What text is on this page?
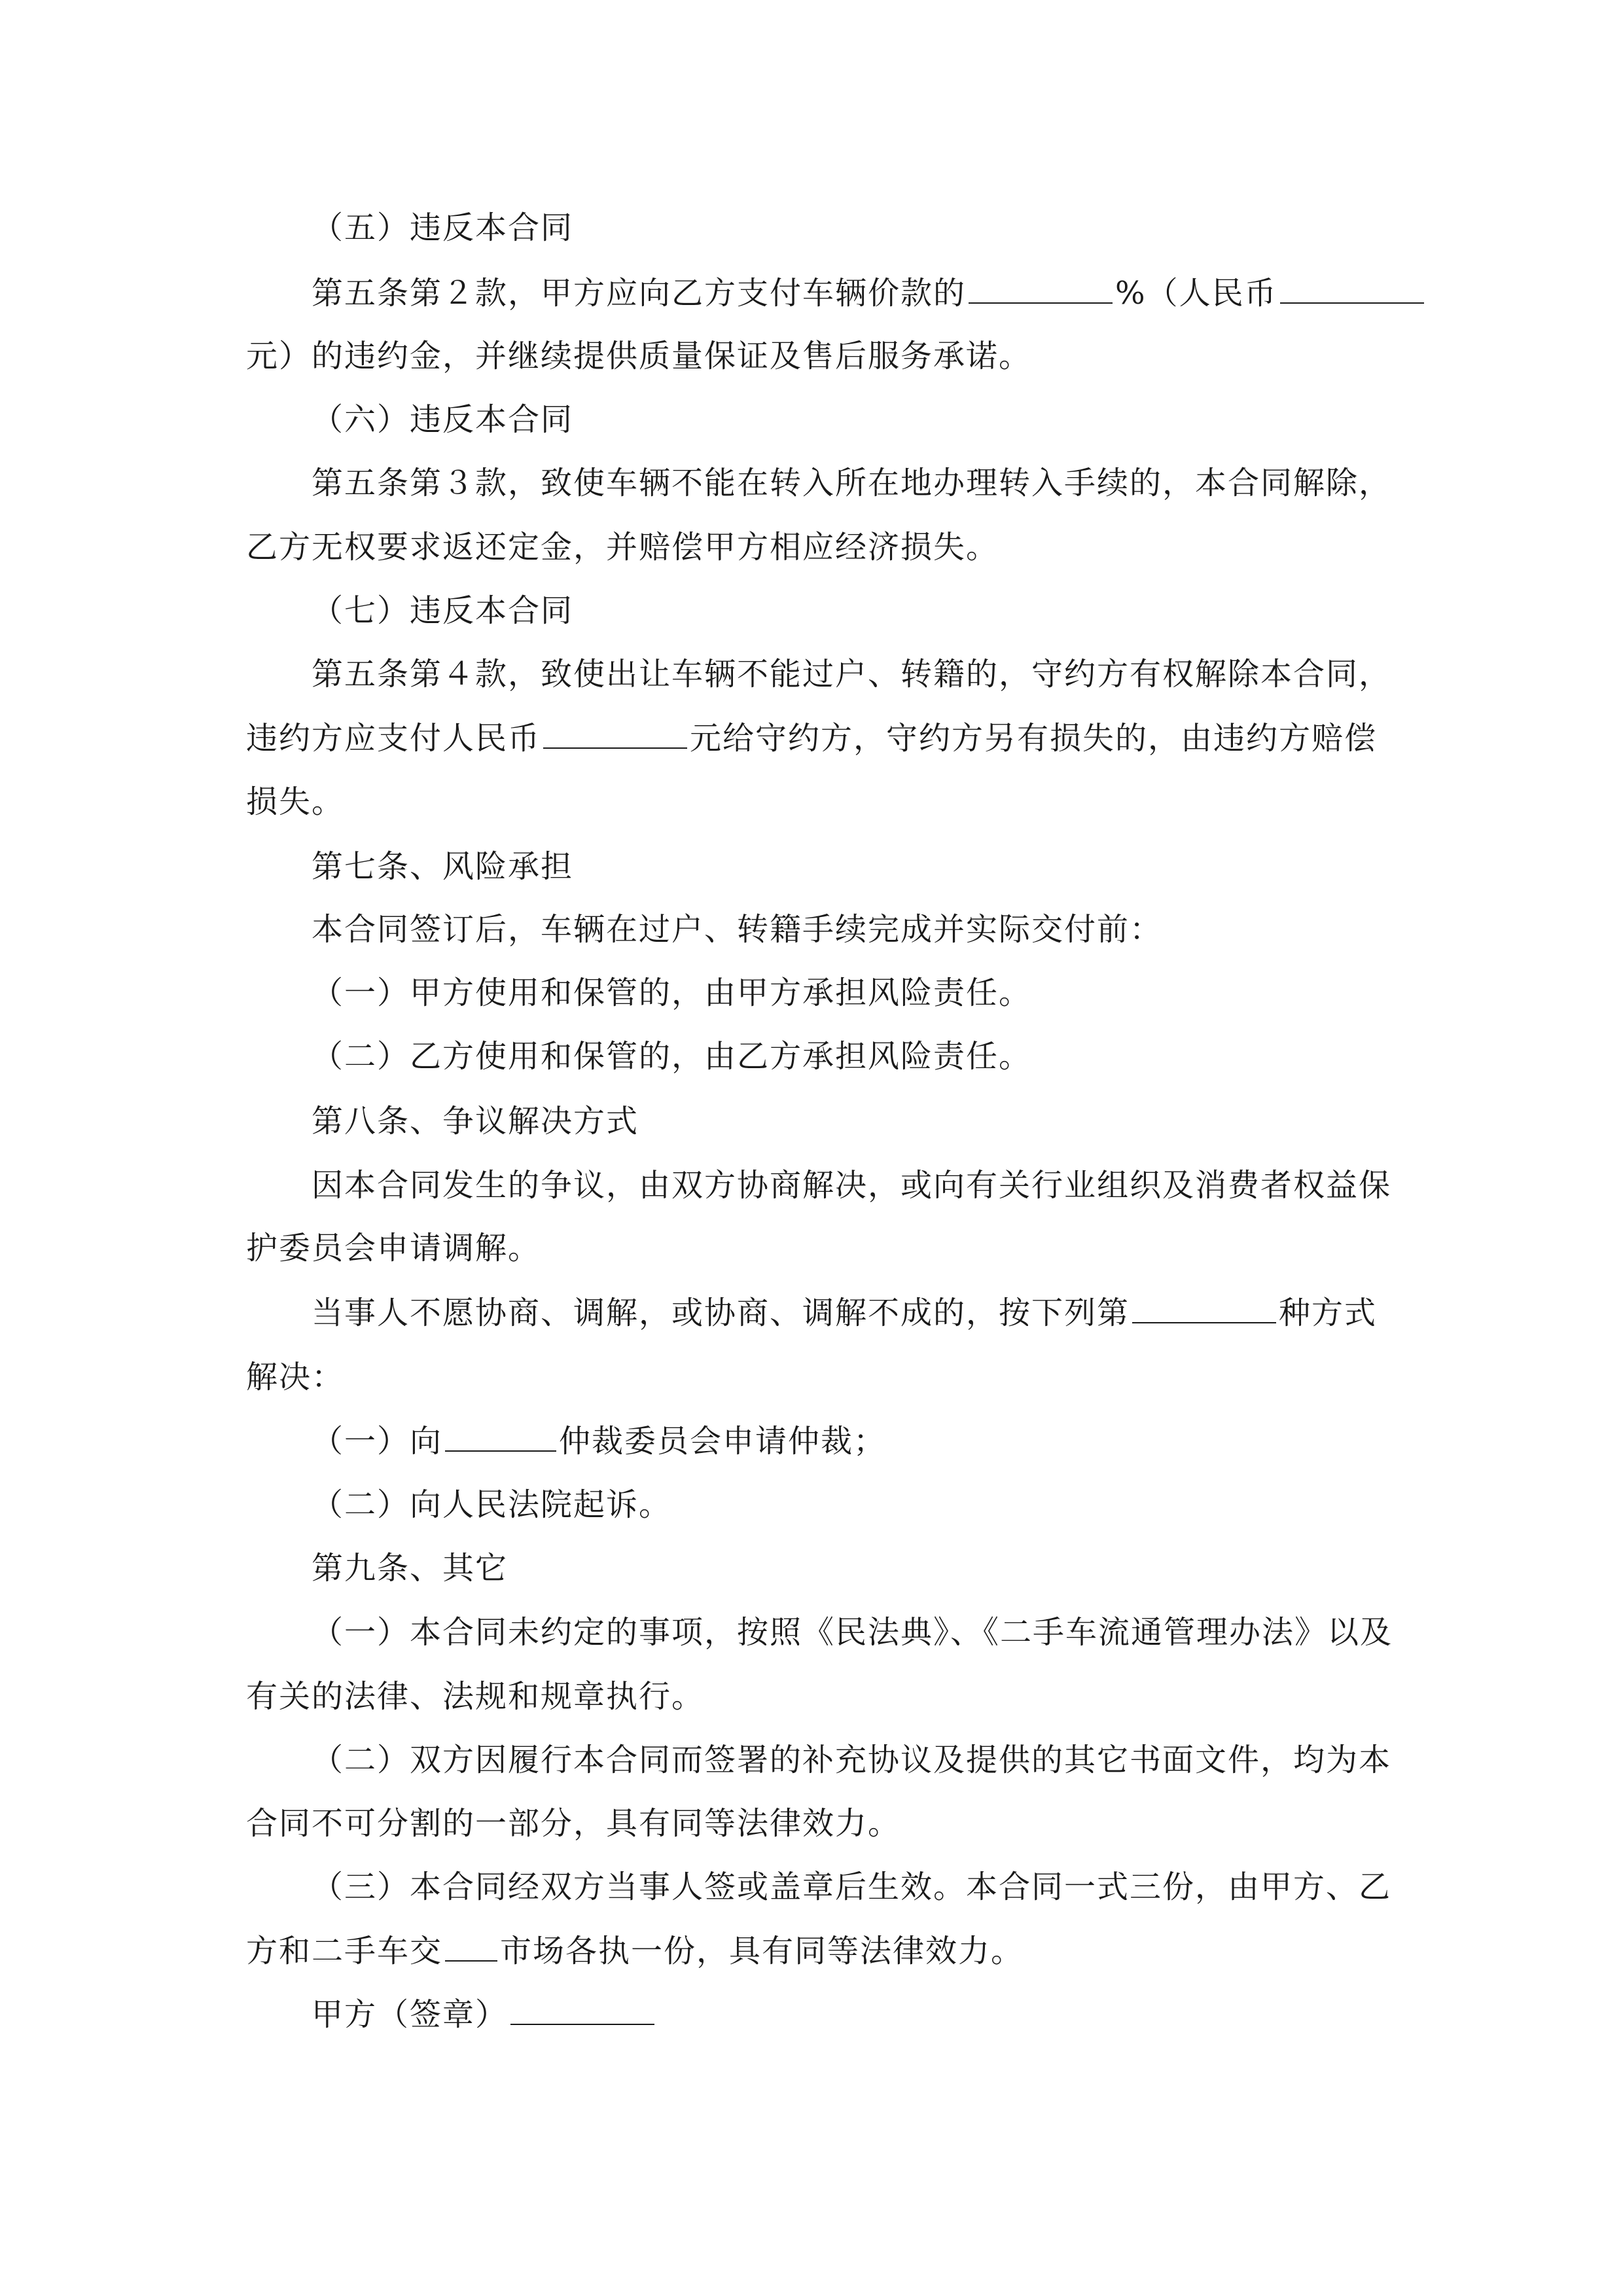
（五）违反本合同
第五条第２款，甲方应向乙方支付车辆价款的	%（人民币
元）的违约金，并继续提供质量保证及售后服务承诺。
（六）违反本合同
第五条第３款，致使车辆不能在转入所在地办理转入手续的，本合同解除，
乙方无权要求返还定金，并赔偿甲方相应经济损失。
（七）违反本合同
第五条第４款，致使出让车辆不能过户、转籍的，守约方有权解除本合同，
违约方应支付人民币	元给守约方，守约方另有损失的，由违约方赔偿
损失。
第七条、风险承担
本合同签订后，车辆在过户、转籍手续完成并实际交付前：
（一）甲方使用和保管的，由甲方承担风险责任。
（二）乙方使用和保管的，由乙方承担风险责任。
第八条、争议解决方式
因本合同发生的争议，由双方协商解决，或向有关行业组织及消费者权益保
护委员会申请调解。
当事人不愿协商、调解，或协商、调解不成的，按下列第	种方式
解决：
（一）向	仲裁委员会申请仲裁；
（二）向人民法院起诉。
第九条、其它
（一）本合同未约定的事项，按照《民法典》、《二手车流通管理办法》以及
有关的法律、法规和规章执行。
（二）双方因履行本合同而签署的补充协议及提供的其它书面文件，均为本
合同不可分割的一部分，具有同等法律效力。
（三）本合同经双方当事人签或盖章后生效。本合同一式三份，由甲方、乙
方和二手车交 市场各执一份，具有同等法律效力。
甲方（签章）
